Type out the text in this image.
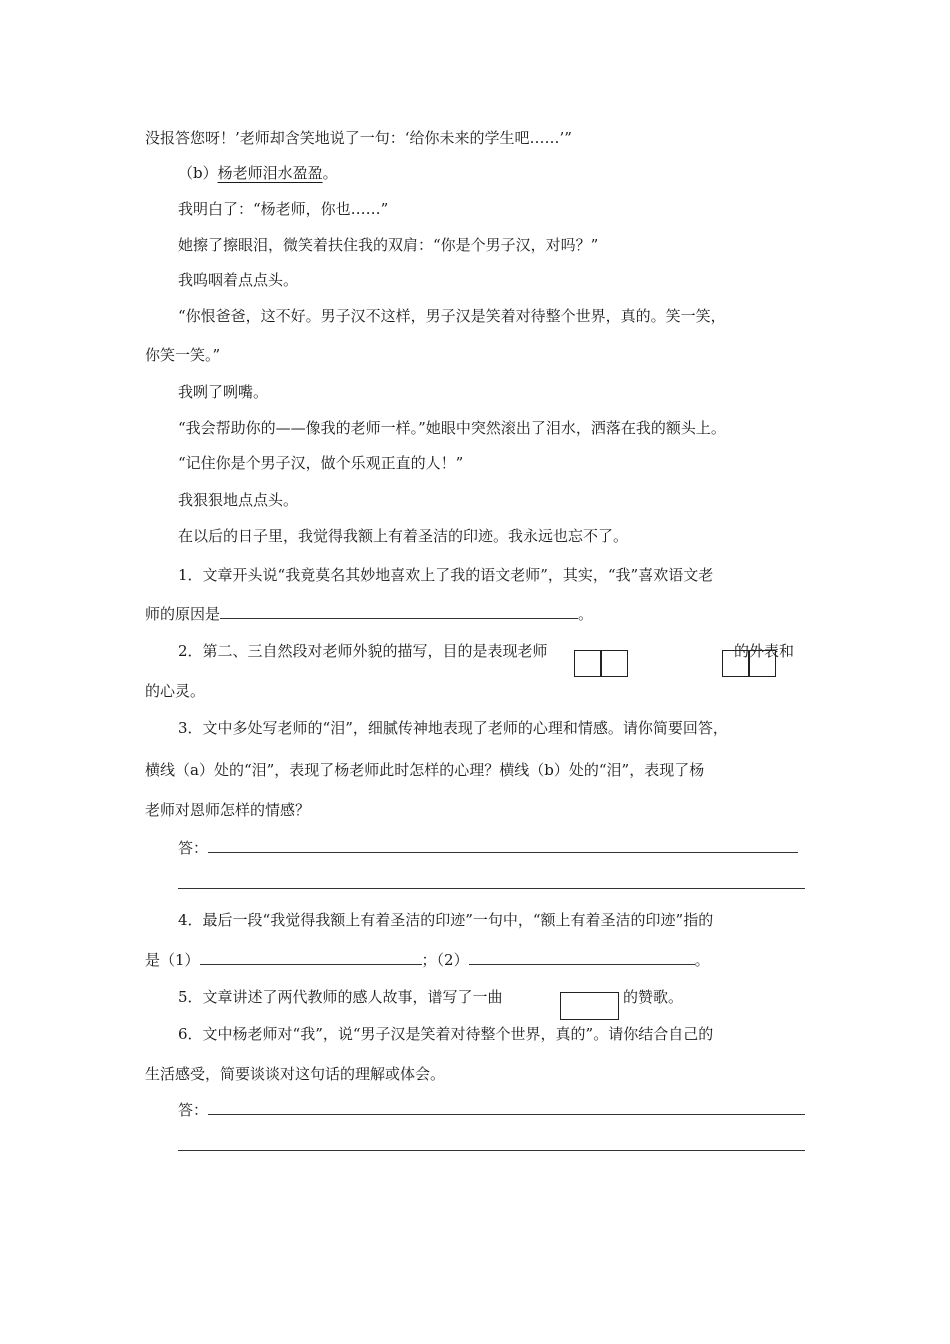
没报答您呀！’老师却含笑地说了一句：‘给你未来的学生吧……’”
（b）杨老师泪水盈盈。
我明白了：“杨老师，你也……”
她擦了擦眼泪，微笑着扶住我的双肩：“你是个男子汉，对吗？”
我呜咽着点点头。
“你恨爸爸，这不好。男子汉不这样，男子汉是笑着对待整个世界，真的。笑一笑，
你笑一笑。”
我咧了咧嘴。
“我会帮助你的——像我的老师一样。”她眼中突然滚出了泪水，洒落在我的额头上。
“记住你是个男子汉，做个乐观正直的人！”
我狠狠地点点头。
在以后的日子里，我觉得我额上有着圣洁的印迹。我永远也忘不了。
1．文章开头说“我竟莫名其妙地喜欢上了我的语文老师”，其实，“我”喜欢语文老
师的原因是	。
2．第二、三自然段对老师外貌的描写，目的是表现老师	的外表和
的心灵。
3．文中多处写老师的“泪”，细腻传神地表现了老师的心理和情感。请你简要回答，
横线（a）处的“泪”，表现了杨老师此时怎样的心理？横线（b）处的“泪”，表现了杨
老师对恩师怎样的情感？
答：
4．最后一段“我觉得我额上有着圣洁的印迹”一句中，“额上有着圣洁的印迹”指的
是（1）	；（2）	。
5．文章讲述了两代教师的感人故事，谱写了一曲	的赞歌。
6．文中杨老师对“我”，说“男子汉是笑着对待整个世界，真的”。请你结合自己的
生活感受，简要谈谈对这句话的理解或体会。
答：
